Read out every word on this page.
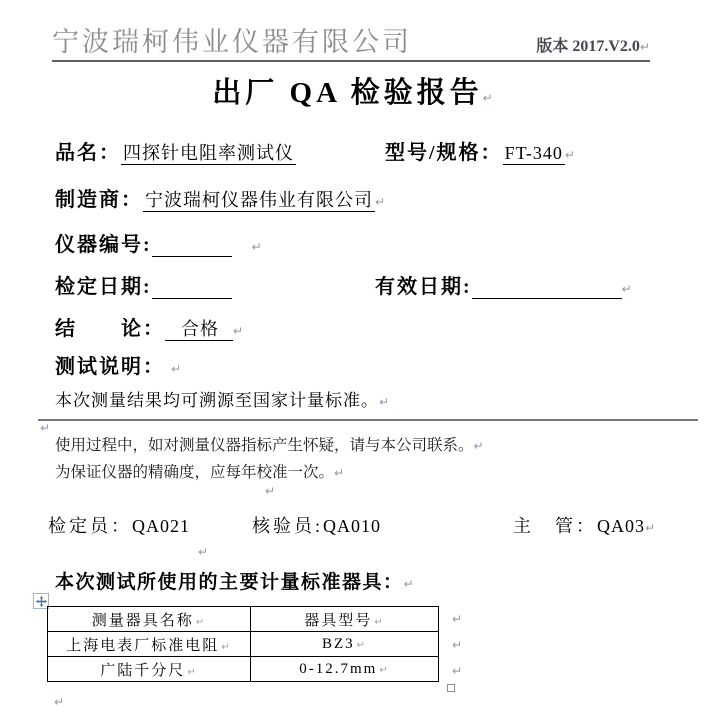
宁波瑞柯伟业仪器有限公司	版本 2017.V2.0↵
出厂 QA 检验报告↵
品名： 四探针电阻率测试仪	型号/规格： FT-340 ↵
制造商： 宁波瑞柯仪器伟业有限公司 ↵
仪器编号:	↵
检定日期:	有效日期:	↵
结　　论： 合格 ↵
测试说明： ↵
本次测量结果均可溯源至国家计量标准。↵
↵
使用过程中，如对测量仪器指标产生怀疑，请与本公司联系。↵
为保证仪器的精确度，应每年校准一次。↵
↵
检定员：QA021	核验员:QA010	主　管：QA03↵
↵
本次测试所使用的主要计量标准器具：↵
测量器具名称 ↵	器具型号 ↵
上海电表厂标准电阻 ↵	BZ3 ↵
广陆千分尺 ↵	0-12.7mm ↵
↵
↵
↵
↵
